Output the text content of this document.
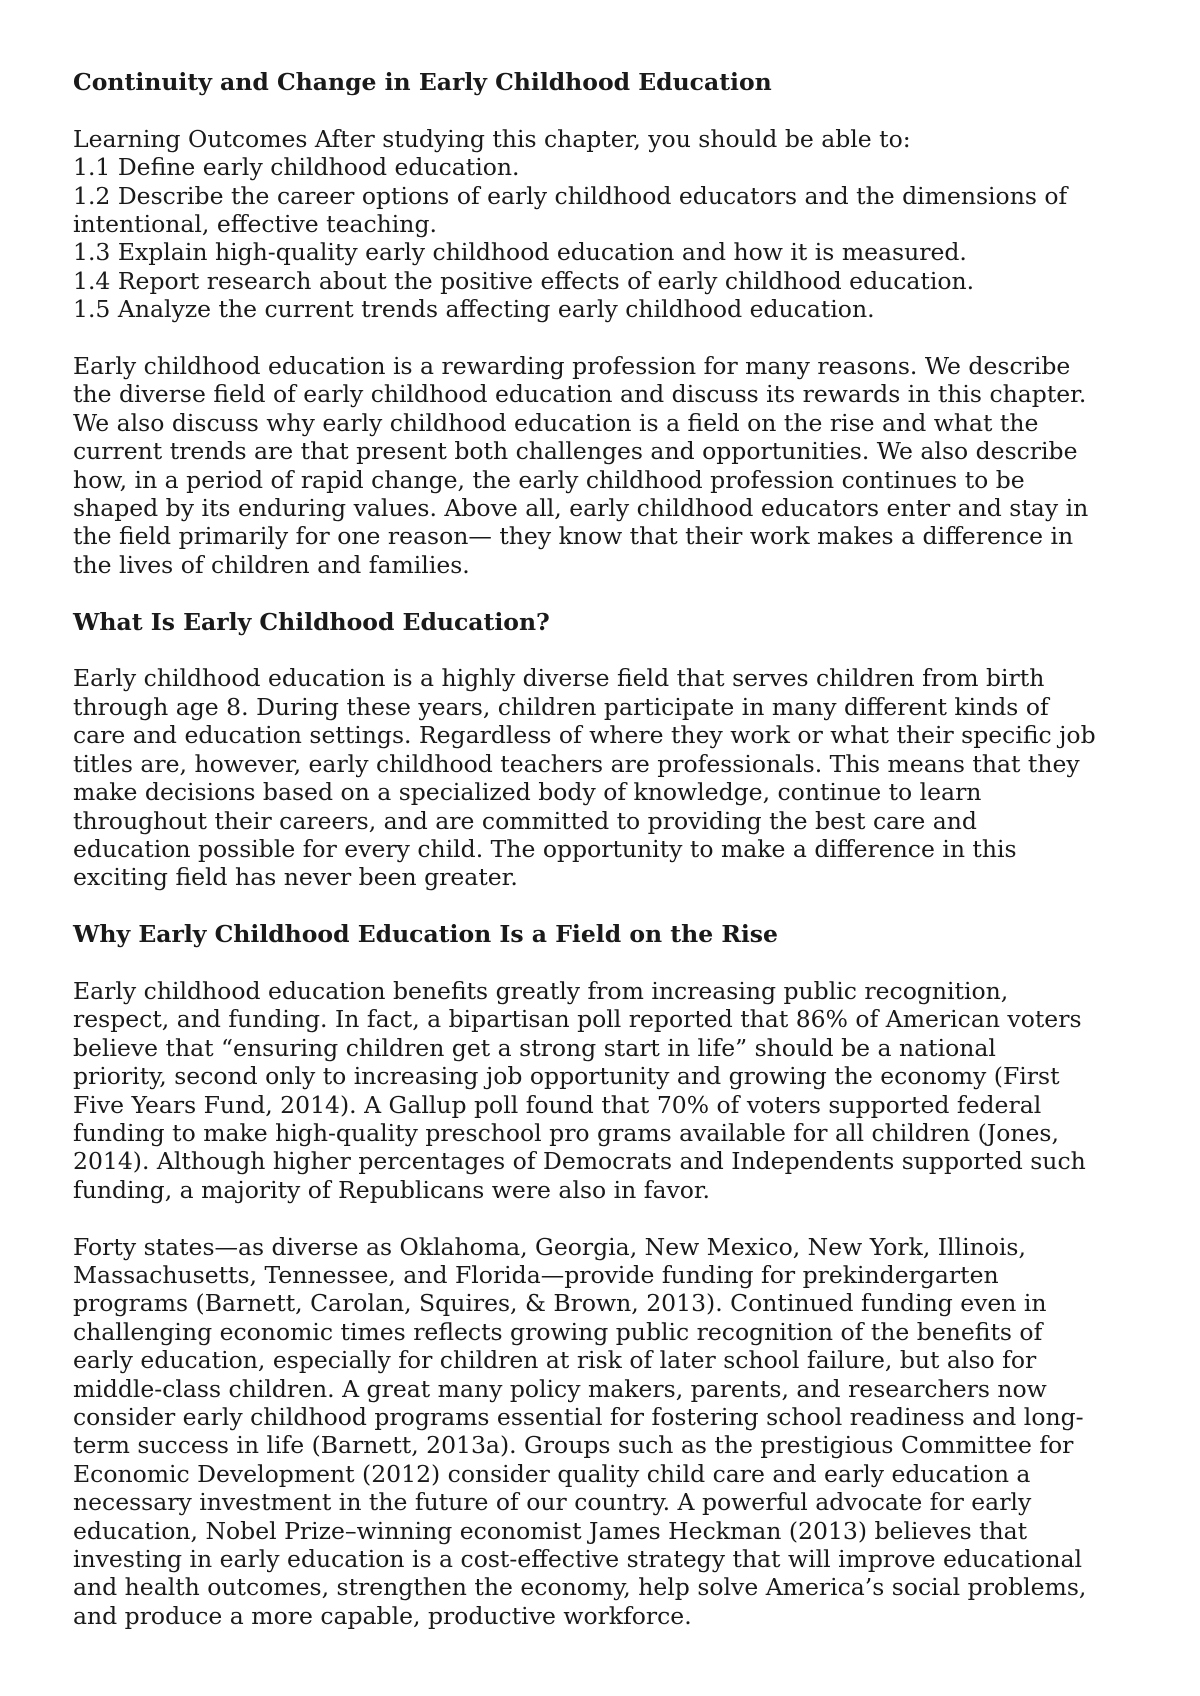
Continuity and Change in Early Childhood Education

Learning Outcomes After studying this chapter, you should be able to:
1.1 Define early childhood education.
1.2 Describe the career options of early childhood educators and the dimensions of
intentional, effective teaching.
1.3 Explain high-quality early childhood education and how it is measured.
1.4 Report research about the positive effects of early childhood education.
1.5 Analyze the current trends affecting early childhood education.
Early childhood education is a rewarding profession for many reasons. We describe
the diverse field of early childhood education and discuss its rewards in this chapter.
We also discuss why early childhood education is a field on the rise and what the
current trends are that present both challenges and opportunities. We also describe
how, in a period of rapid change, the early childhood profession continues to be
shaped by its enduring values. Above all, early childhood educators enter and stay in
the field primarily for one reason— they know that their work makes a difference in
the lives of children and families.

What Is Early Childhood Education?

Early childhood education is a highly diverse field that serves children from birth
through age 8. During these years, children participate in many different kinds of
care and education settings. Regardless of where they work or what their specific job
titles are, however, early childhood teachers are professionals. This means that they
make decisions based on a specialized body of knowledge, continue to learn
throughout their careers, and are committed to providing the best care and
education possible for every child. The opportunity to make a difference in this
exciting field has never been greater.

Why Early Childhood Education Is a Field on the Rise

Early childhood education benefits greatly from increasing public recognition,
respect, and funding. In fact, a bipartisan poll reported that 86% of American voters
believe that “ensuring children get a strong start in life” should be a national
priority, second only to increasing job opportunity and growing the economy (First
Five Years Fund, 2014). A Gallup poll found that 70% of voters supported federal
funding to make high-quality preschool pro grams available for all children (Jones,
2014). Although higher percentages of Democrats and Independents supported such
funding, a majority of Republicans were also in favor.
Forty states—as diverse as Oklahoma, Georgia, New Mexico, New York, Illinois,
Massachusetts, Tennessee, and Florida—provide funding for prekindergarten
programs (Barnett, Carolan, Squires, & Brown, 2013). Continued funding even in
challenging economic times reflects growing public recognition of the benefits of
early education, especially for children at risk of later school failure, but also for
middle-class children. A great many policy makers, parents, and researchers now
consider early childhood programs essential for fostering school readiness and long-
term success in life (Barnett, 2013a). Groups such as the prestigious Committee for
Economic Development (2012) consider quality child care and early education a
necessary investment in the future of our country. A powerful advocate for early
education, Nobel Prize–winning economist James Heckman (2013) believes that
investing in early education is a cost-effective strategy that will improve educational
and health outcomes, strengthen the economy, help solve America’s social problems,
and produce a more capable, productive workforce.
